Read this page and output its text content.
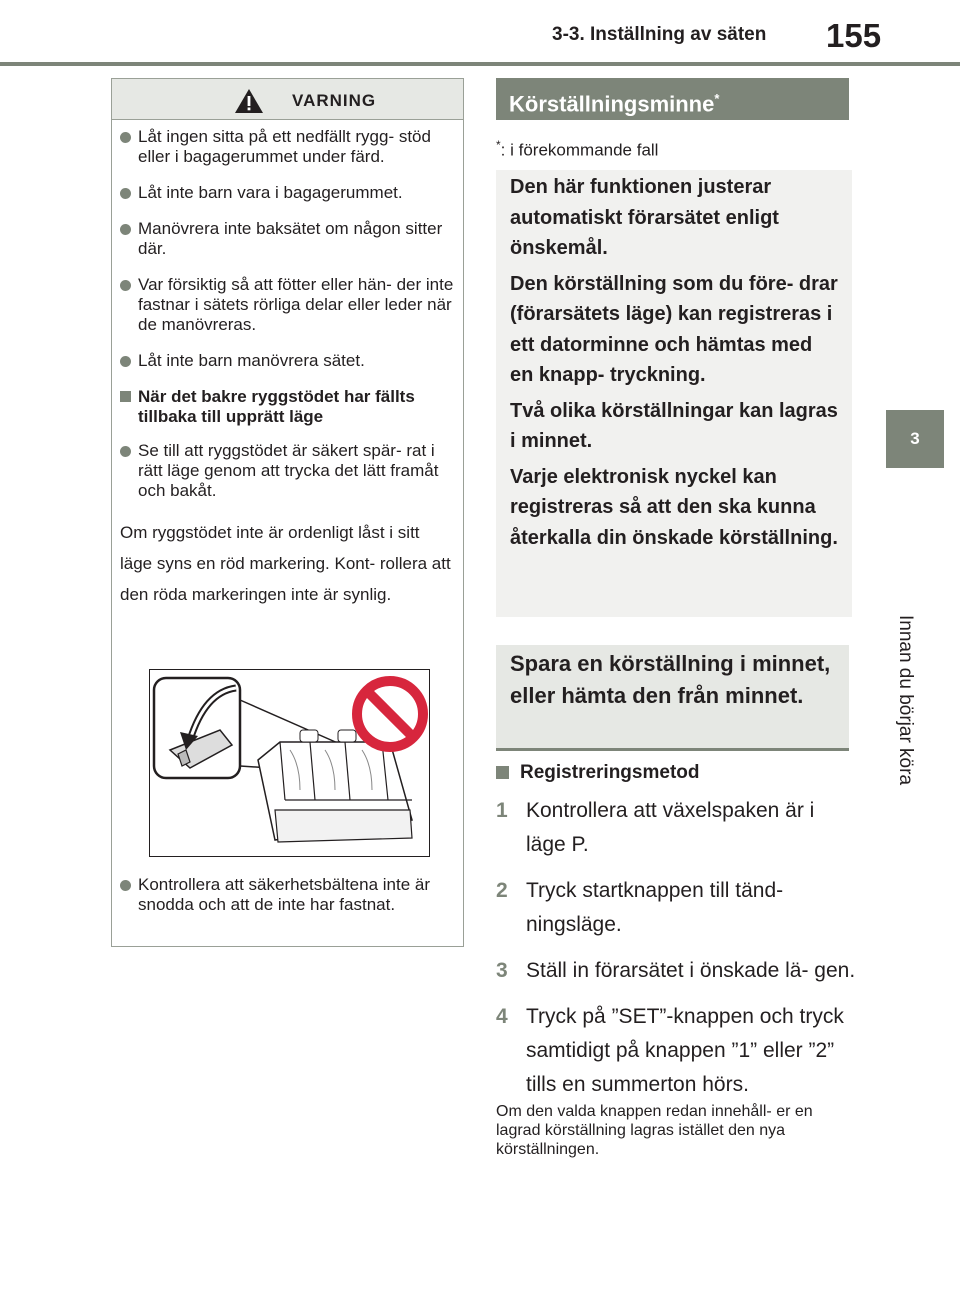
3-3. Inställning av säten 155
3
Innan du börjar köra
VARNING
Låt ingen sitta på ett nedfällt rygg- stöd eller i bagagerummet under färd.
Låt inte barn vara i bagagerummet.
Manövrera inte baksätet om någon sitter där.
Var försiktig så att fötter eller hän- der inte fastnar i sätets rörliga delar eller leder när de manövreras.
Låt inte barn manövrera sätet.
När det bakre ryggstödet har fällts tillbaka till upprätt läge
Se till att ryggstödet är säkert spär- rat i rätt läge genom att trycka det lätt framåt och bakåt.
Om ryggstödet inte är ordenligt låst i sitt läge syns en röd markering. Kont- rollera att den röda markeringen inte är synlig.
Kontrollera att säkerhetsbältena inte är snodda och att de inte har fastnat.
Körställningsminne*
*: i förekommande fall

Den här funktionen justerar automatiskt förarsätet enligt önskemål.

Den körställning som du före- drar (förarsätets läge) kan registreras i ett datorminne och hämtas med en knapp- tryckning.

Två olika körställningar kan lagras i minnet.

Varje elektronisk nyckel kan registreras så att den ska kunna återkalla din önskade körställning.

Spara en körställning i minnet, eller hämta den från minnet.
Registreringsmetod
1 Kontrollera att växelspaken är i läge P.
2 Tryck startknappen till tänd- ningsläge.
3 Ställ in förarsätet i önskade lä- gen.
4 Tryck på ”SET”-knappen och tryck samtidigt på knappen ”1” eller ”2” tills en summerton hörs.
Om den valda knappen redan innehåll- er en lagrad körställning lagras istället den nya körställningen.
